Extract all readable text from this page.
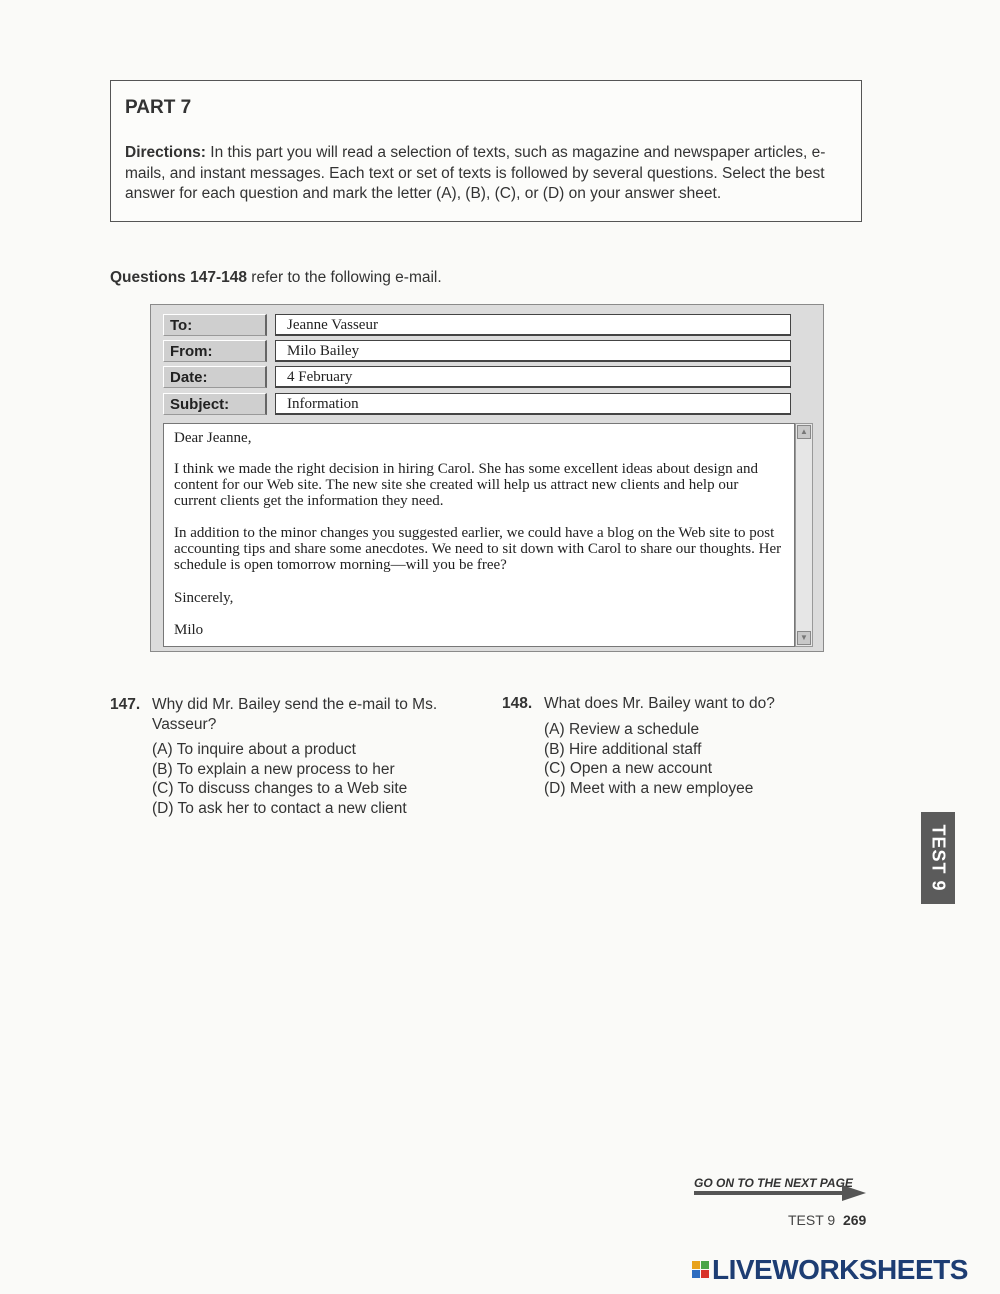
PART 7
Directions: In this part you will read a selection of texts, such as magazine and newspaper articles, e-mails, and instant messages. Each text or set of texts is followed by several questions. Select the best answer for each question and mark the letter (A), (B), (C), or (D) on your answer sheet.
Questions 147-148 refer to the following e-mail.
To:	Jeanne Vasseur
From:	Milo Bailey
Date:	4 February
Subject:	Information

Dear Jeanne,

I think we made the right decision in hiring Carol. She has some excellent ideas about design and content for our Web site. The new site she created will help us attract new clients and help our current clients get the information they need.

In addition to the minor changes you suggested earlier, we could have a blog on the Web site to post accounting tips and share some anecdotes. We need to sit down with Carol to share our thoughts. Her schedule is open tomorrow morning—will you be free?

Sincerely,

Milo

▲
▼
147. Why did Mr. Bailey send the e-mail to Ms. Vasseur?
(A) To inquire about a product
(B) To explain a new process to her
(C) To discuss changes to a Web site
(D) To ask her to contact a new client
148. What does Mr. Bailey want to do?
(A) Review a schedule
(B) Hire additional staff
(C) Open a new account
(D) Meet with a new employee
TEST 9
GO ON TO THE NEXT PAGE
TEST 9 269
LIVEWORKSHEETS
